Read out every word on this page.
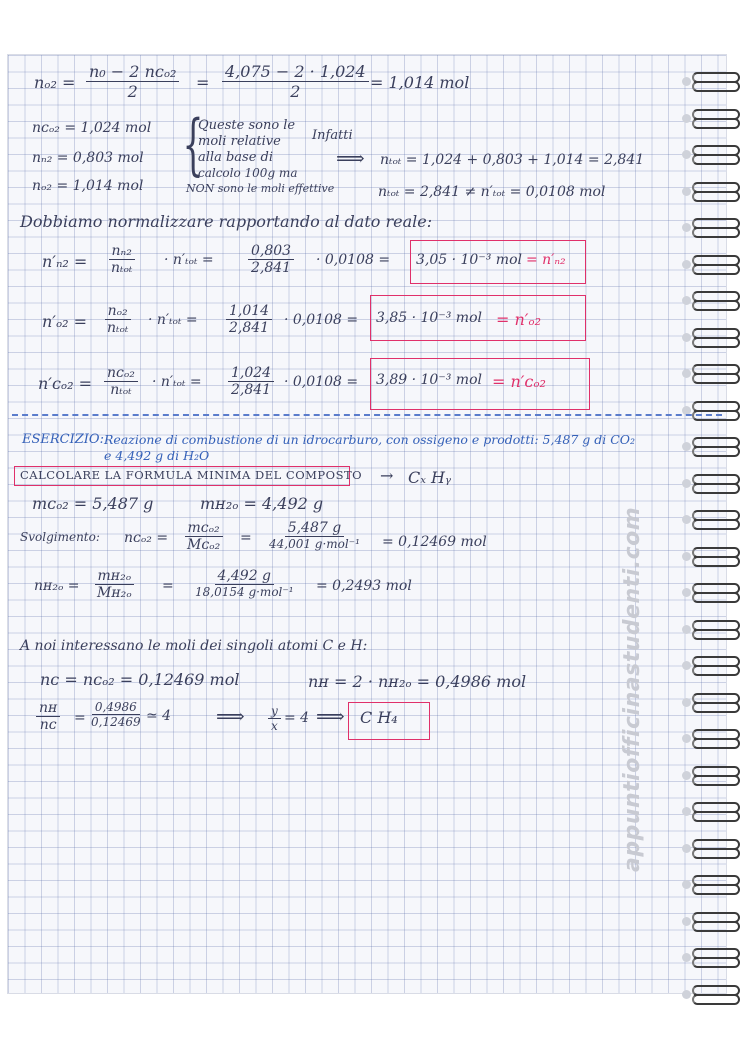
nₒ₂ =
n₀ − 2 nᴄₒ₂
2	= $\frac{4,075 - 2 \cdot 1,024}{2} = 1,014$ mol
nᴄₒ₂ = 1,024 mol
nₙ₂ = 0,803 mol
nₒ₂ = 1,014 mol
{
Queste sono le
moli relative
alla base di
calcolo 100g ma
NON sono le moli effettive
Infatti
⟹ nₜₒₜ = 1,024 + 0,803 + 1,014 = 2,841
nₜₒₜ = 2,841 ≠ n′ₜₒₜ = 0,0108 mol
Dobbiamo normalizzare rapportando al dato reale:
n′ₙ₂ =
nₙ₂
$n_{tot} \cdot n'_{tot} = \frac{0,803}{2,841} \cdot 0,0108 = 3,05 \cdot 10^{-3}$ mol = n′ₙ₂
n′ₒ₂ =
nₒ₂
$n_{tot} \cdot n'_{tot} = \frac{1,014}{2,841} \cdot 0,0108 = 3,85 \cdot 10^{-3}$ mol = n′ₒ₂
n′ᴄₒ₂ =
nᴄₒ₂
$n_{tot} \cdot n'_{tot} = \frac{1,024}{2,841} \cdot 0,0108 = 3,89 \cdot 10^{-3}$ mol = n′ᴄₒ₂
ESERCIZIO: Reazione di combustione di un idrocarburo, con ossigeno e prodotti: 5,487 g di CO₂
e 4,492 g di H₂O
CALCOLARE LA FORMULA MINIMA DEL COMPOSTO → Cₓ Hᵧ
mᴄₒ₂ = 5,487 g	mʜ₂ₒ = 4,492 g
Svolgimento: nᴄₒ₂ =
mᴄₒ₂
Mᴄₒ₂ =
5,487 g
44,001 g·mol⁻¹ = 0,12469 mol
nʜ₂ₒ = $\frac{\text{mʜ₂ₒ}}{\text{Mʜ₂ₒ}}$ =
4,492 g
18,0154 g·mol⁻¹ = 0,2493 mol
A noi interessano le moli dei singoli atomi C e H:
nᴄ = nᴄₒ₂ = 0,12469 mol	nʜ = 2 · nʜ₂ₒ = 0,4986 mol
$\frac{\text{nʜ}}{\text{nᴄ}} = \frac{0,4986}{0,12469}$ ≃ 4 ⟹ $\frac{y}{x} = 4$ ⟹ C H₄	appuntiofficinastudenti.com
